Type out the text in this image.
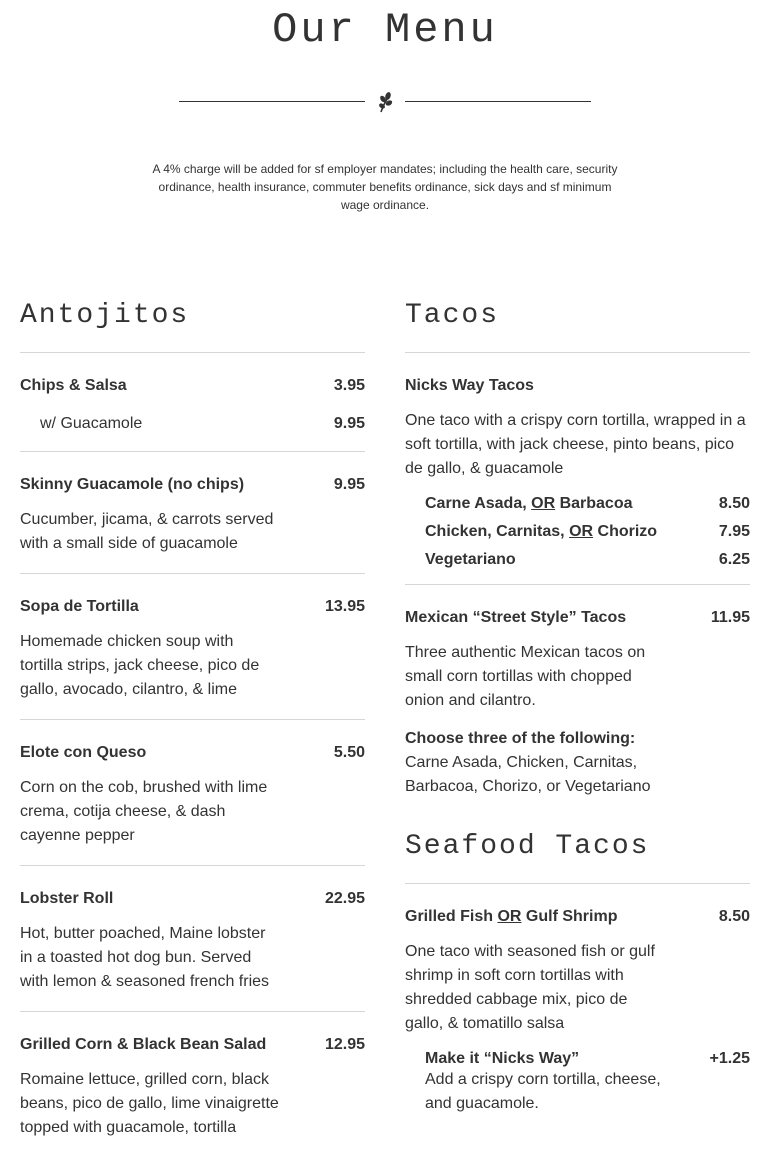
Our Menu
A 4% charge will be added for sf employer mandates; including the health care, security ordinance, health insurance, commuter benefits ordinance, sick days and sf minimum wage ordinance.
Antojitos
Chips & Salsa	3.95
w/ Guacamole	9.95
Skinny Guacamole (no chips)	9.95
Cucumber, jicama, & carrots served with a small side of guacamole
Sopa de Tortilla	13.95
Homemade chicken soup with tortilla strips, jack cheese, pico de gallo, avocado, cilantro, & lime
Elote con Queso	5.50
Corn on the cob, brushed with lime crema, cotija cheese, & dash cayenne pepper
Lobster Roll	22.95
Hot, butter poached, Maine lobster in a toasted hot dog bun. Served with lemon & seasoned french fries
Grilled Corn & Black Bean Salad	12.95
Romaine lettuce, grilled corn, black beans, pico de gallo, lime vinaigrette topped with guacamole, tortilla
Tacos
Nicks Way Tacos
One taco with a crispy corn tortilla, wrapped in a soft tortilla, with jack cheese, pinto beans, pico de gallo, & guacamole
Carne Asada, OR Barbacoa	8.50
Chicken, Carnitas, OR Chorizo	7.95
Vegetariano	6.25
Mexican “Street Style” Tacos	11.95
Three authentic Mexican tacos on small corn tortillas with chopped onion and cilantro.
Choose three of the following:
Carne Asada, Chicken, Carnitas, Barbacoa, Chorizo, or Vegetariano
Seafood Tacos
Grilled Fish OR Gulf Shrimp	8.50
One taco with seasoned fish or gulf shrimp in soft corn tortillas with shredded cabbage mix, pico de gallo, & tomatillo salsa
Make it “Nicks Way”	+1.25
Add a crispy corn tortilla, cheese, and guacamole.
